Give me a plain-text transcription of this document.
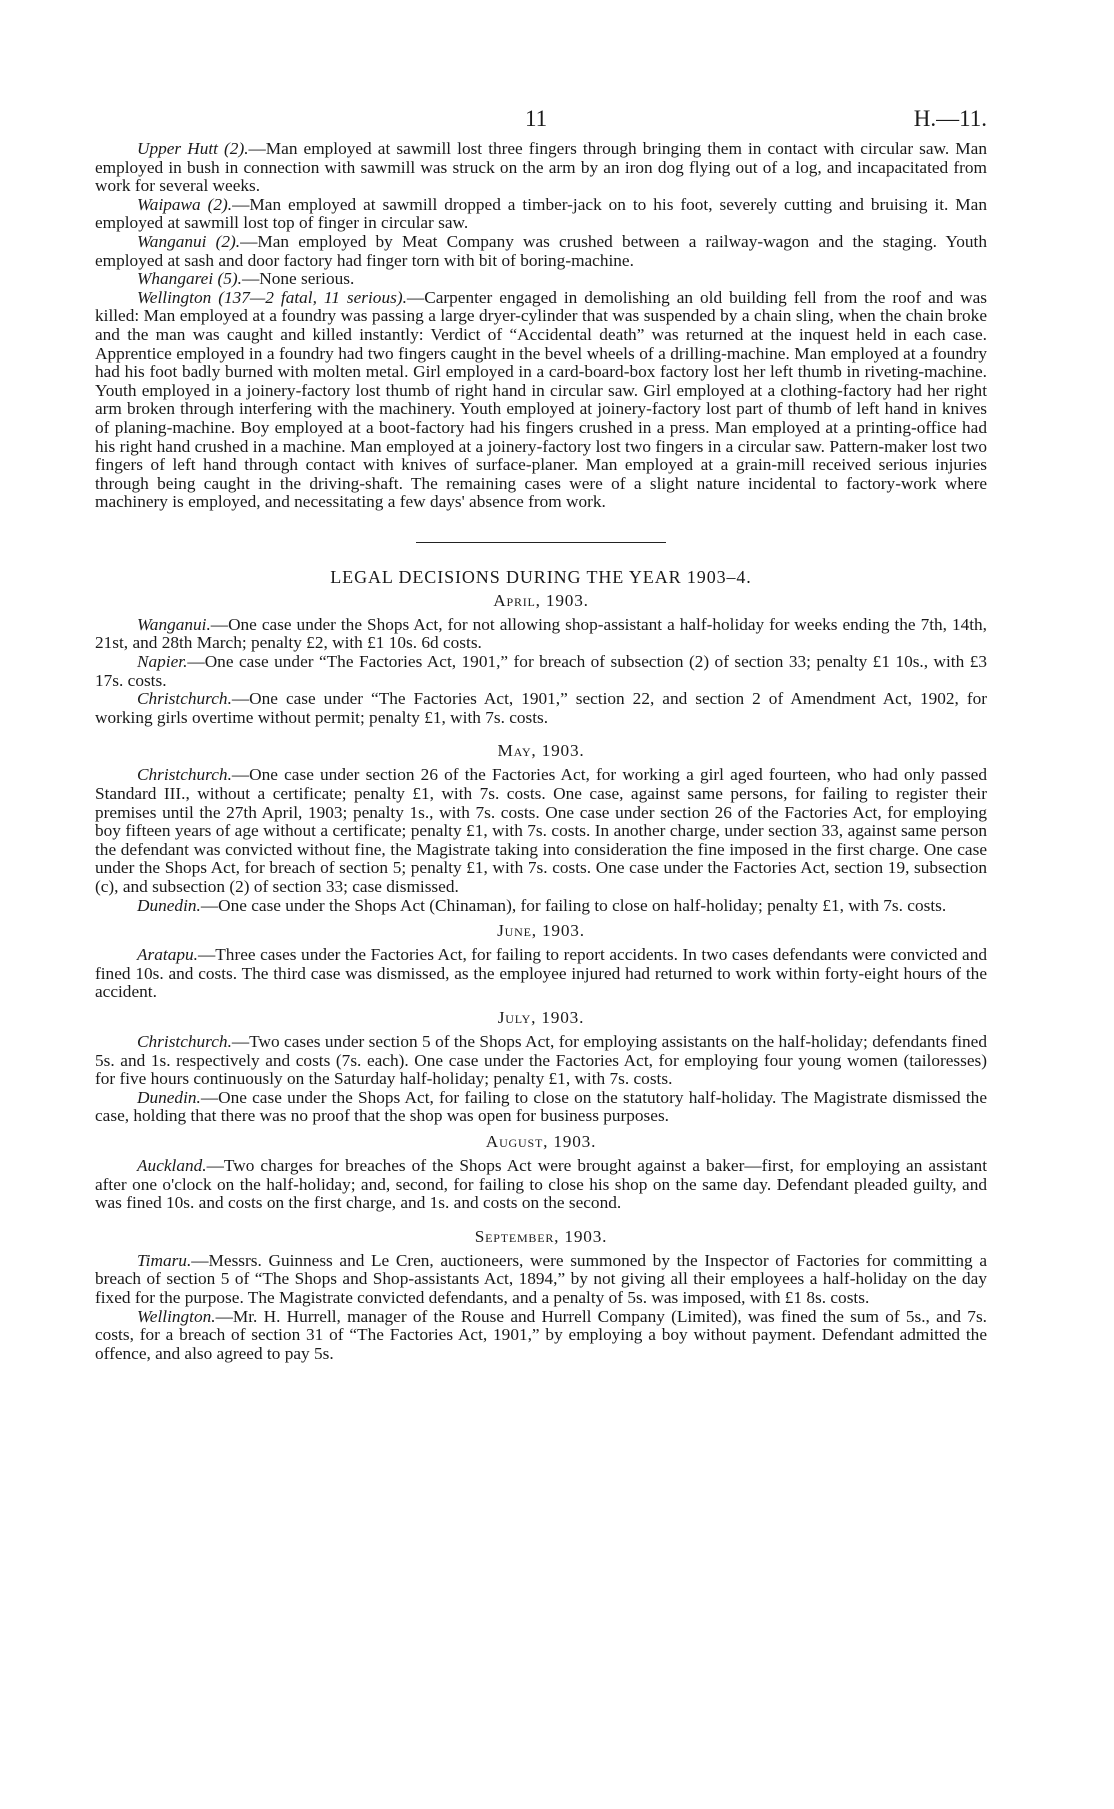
11	H.—11.

Upper Hutt (2).—Man employed at sawmill lost three fingers through bringing them in contact with circular saw. Man employed in bush in connection with sawmill was struck on the arm by an iron dog flying out of a log, and incapacitated from work for several weeks.

Waipawa (2).—Man employed at sawmill dropped a timber-jack on to his foot, severely cutting and bruising it. Man employed at sawmill lost top of finger in circular saw.

Wanganui (2).—Man employed by Meat Company was crushed between a railway-wagon and the staging. Youth employed at sash and door factory had finger torn with bit of boring-machine.

Whangarei (5).—None serious.

Wellington (137—2 fatal, 11 serious).—Carpenter engaged in demolishing an old building fell from the roof and was killed: Man employed at a foundry was passing a large dryer-cylinder that was suspended by a chain sling, when the chain broke and the man was caught and killed instantly: Verdict of “Accidental death” was returned at the inquest held in each case. Apprentice employed in a foundry had two fingers caught in the bevel wheels of a drilling-machine. Man employed at a foundry had his foot badly burned with molten metal. Girl employed in a card-board-box factory lost her left thumb in riveting-machine. Youth employed in a joinery-factory lost thumb of right hand in circular saw. Girl employed at a clothing-factory had her right arm broken through interfering with the machinery. Youth employed at joinery-factory lost part of thumb of left hand in knives of planing-machine. Boy employed at a boot-factory had his fingers crushed in a press. Man employed at a printing-office had his right hand crushed in a machine. Man employed at a joinery-factory lost two fingers in a circular saw. Pattern-maker lost two fingers of left hand through contact with knives of surface-planer. Man employed at a grain-mill received serious injuries through being caught in the driving-shaft. The remaining cases were of a slight nature incidental to factory-work where machinery is employed, and necessitating a few days' absence from work.

LEGAL DECISIONS DURING THE YEAR 1903–4.
April, 1903.

Wanganui.—One case under the Shops Act, for not allowing shop-assistant a half-holiday for weeks ending the 7th, 14th, 21st, and 28th March; penalty £2, with £1 10s. 6d costs.

Napier.—One case under “The Factories Act, 1901,” for breach of subsection (2) of section 33; penalty £1 10s., with £3 17s. costs.

Christchurch.—One case under “The Factories Act, 1901,” section 22, and section 2 of Amendment Act, 1902, for working girls overtime without permit; penalty £1, with 7s. costs.

May, 1903.

Christchurch.—One case under section 26 of the Factories Act, for working a girl aged fourteen, who had only passed Standard III., without a certificate; penalty £1, with 7s. costs. One case, against same persons, for failing to register their premises until the 27th April, 1903; penalty 1s., with 7s. costs. One case under section 26 of the Factories Act, for employing boy fifteen years of age without a certificate; penalty £1, with 7s. costs. In another charge, under section 33, against same person the defendant was convicted without fine, the Magistrate taking into consideration the fine imposed in the first charge. One case under the Shops Act, for breach of section 5; penalty £1, with 7s. costs. One case under the Factories Act, section 19, subsection (c), and subsection (2) of section 33; case dismissed.

Dunedin.—One case under the Shops Act (Chinaman), for failing to close on half-holiday; penalty £1, with 7s. costs.

June, 1903.

Aratapu.—Three cases under the Factories Act, for failing to report accidents. In two cases defendants were convicted and fined 10s. and costs. The third case was dismissed, as the employee injured had returned to work within forty-eight hours of the accident.

July, 1903.

Christchurch.—Two cases under section 5 of the Shops Act, for employing assistants on the half-holiday; defendants fined 5s. and 1s. respectively and costs (7s. each). One case under the Factories Act, for employing four young women (tailoresses) for five hours continuously on the Saturday half-holiday; penalty £1, with 7s. costs.

Dunedin.—One case under the Shops Act, for failing to close on the statutory half-holiday. The Magistrate dismissed the case, holding that there was no proof that the shop was open for business purposes.

August, 1903.

Auckland.—Two charges for breaches of the Shops Act were brought against a baker—first, for employing an assistant after one o'clock on the half-holiday; and, second, for failing to close his shop on the same day. Defendant pleaded guilty, and was fined 10s. and costs on the first charge, and 1s. and costs on the second.

September, 1903.

Timaru.—Messrs. Guinness and Le Cren, auctioneers, were summoned by the Inspector of Factories for committing a breach of section 5 of “The Shops and Shop-assistants Act, 1894,” by not giving all their employees a half-holiday on the day fixed for the purpose. The Magistrate convicted defendants, and a penalty of 5s. was imposed, with £1 8s. costs.

Wellington.—Mr. H. Hurrell, manager of the Rouse and Hurrell Company (Limited), was fined the sum of 5s., and 7s. costs, for a breach of section 31 of “The Factories Act, 1901,” by employing a boy without payment. Defendant admitted the offence, and also agreed to pay 5s.
